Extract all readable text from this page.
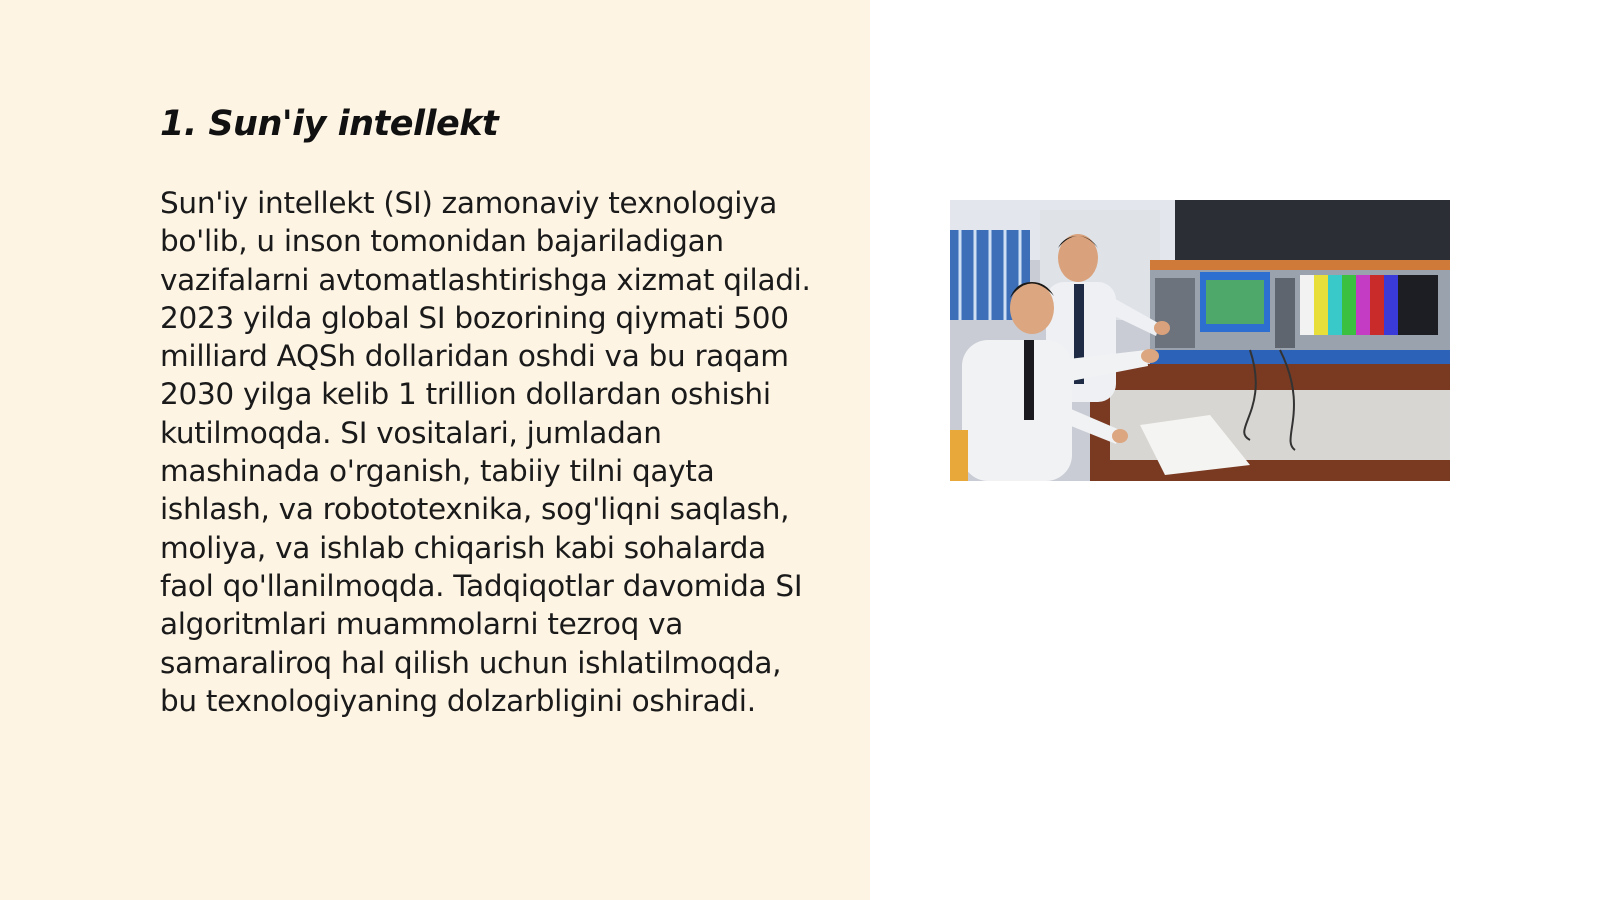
1. Sun'iy intellekt

Sun'iy intellekt (SI) zamonaviy texnologiya
bo'lib, u inson tomonidan bajariladigan
vazifalarni avtomatlashtirishga xizmat qiladi.
2023 yilda global SI bozorining qiymati 500
milliard AQSh dollaridan oshdi va bu raqam
2030 yilga kelib 1 trillion dollardan oshishi
kutilmoqda. SI vositalari, jumladan
mashinada o'rganish, tabiiy tilni qayta
ishlash, va robototexnika, sog'liqni saqlash,
moliya, va ishlab chiqarish kabi sohalarda
faol qo'llanilmoqda. Tadqiqotlar davomida SI
algoritmlari muammolarni tezroq va
samaraliroq hal qilish uchun ishlatilmoqda,
bu texnologiyaning dolzarbligini oshiradi.
